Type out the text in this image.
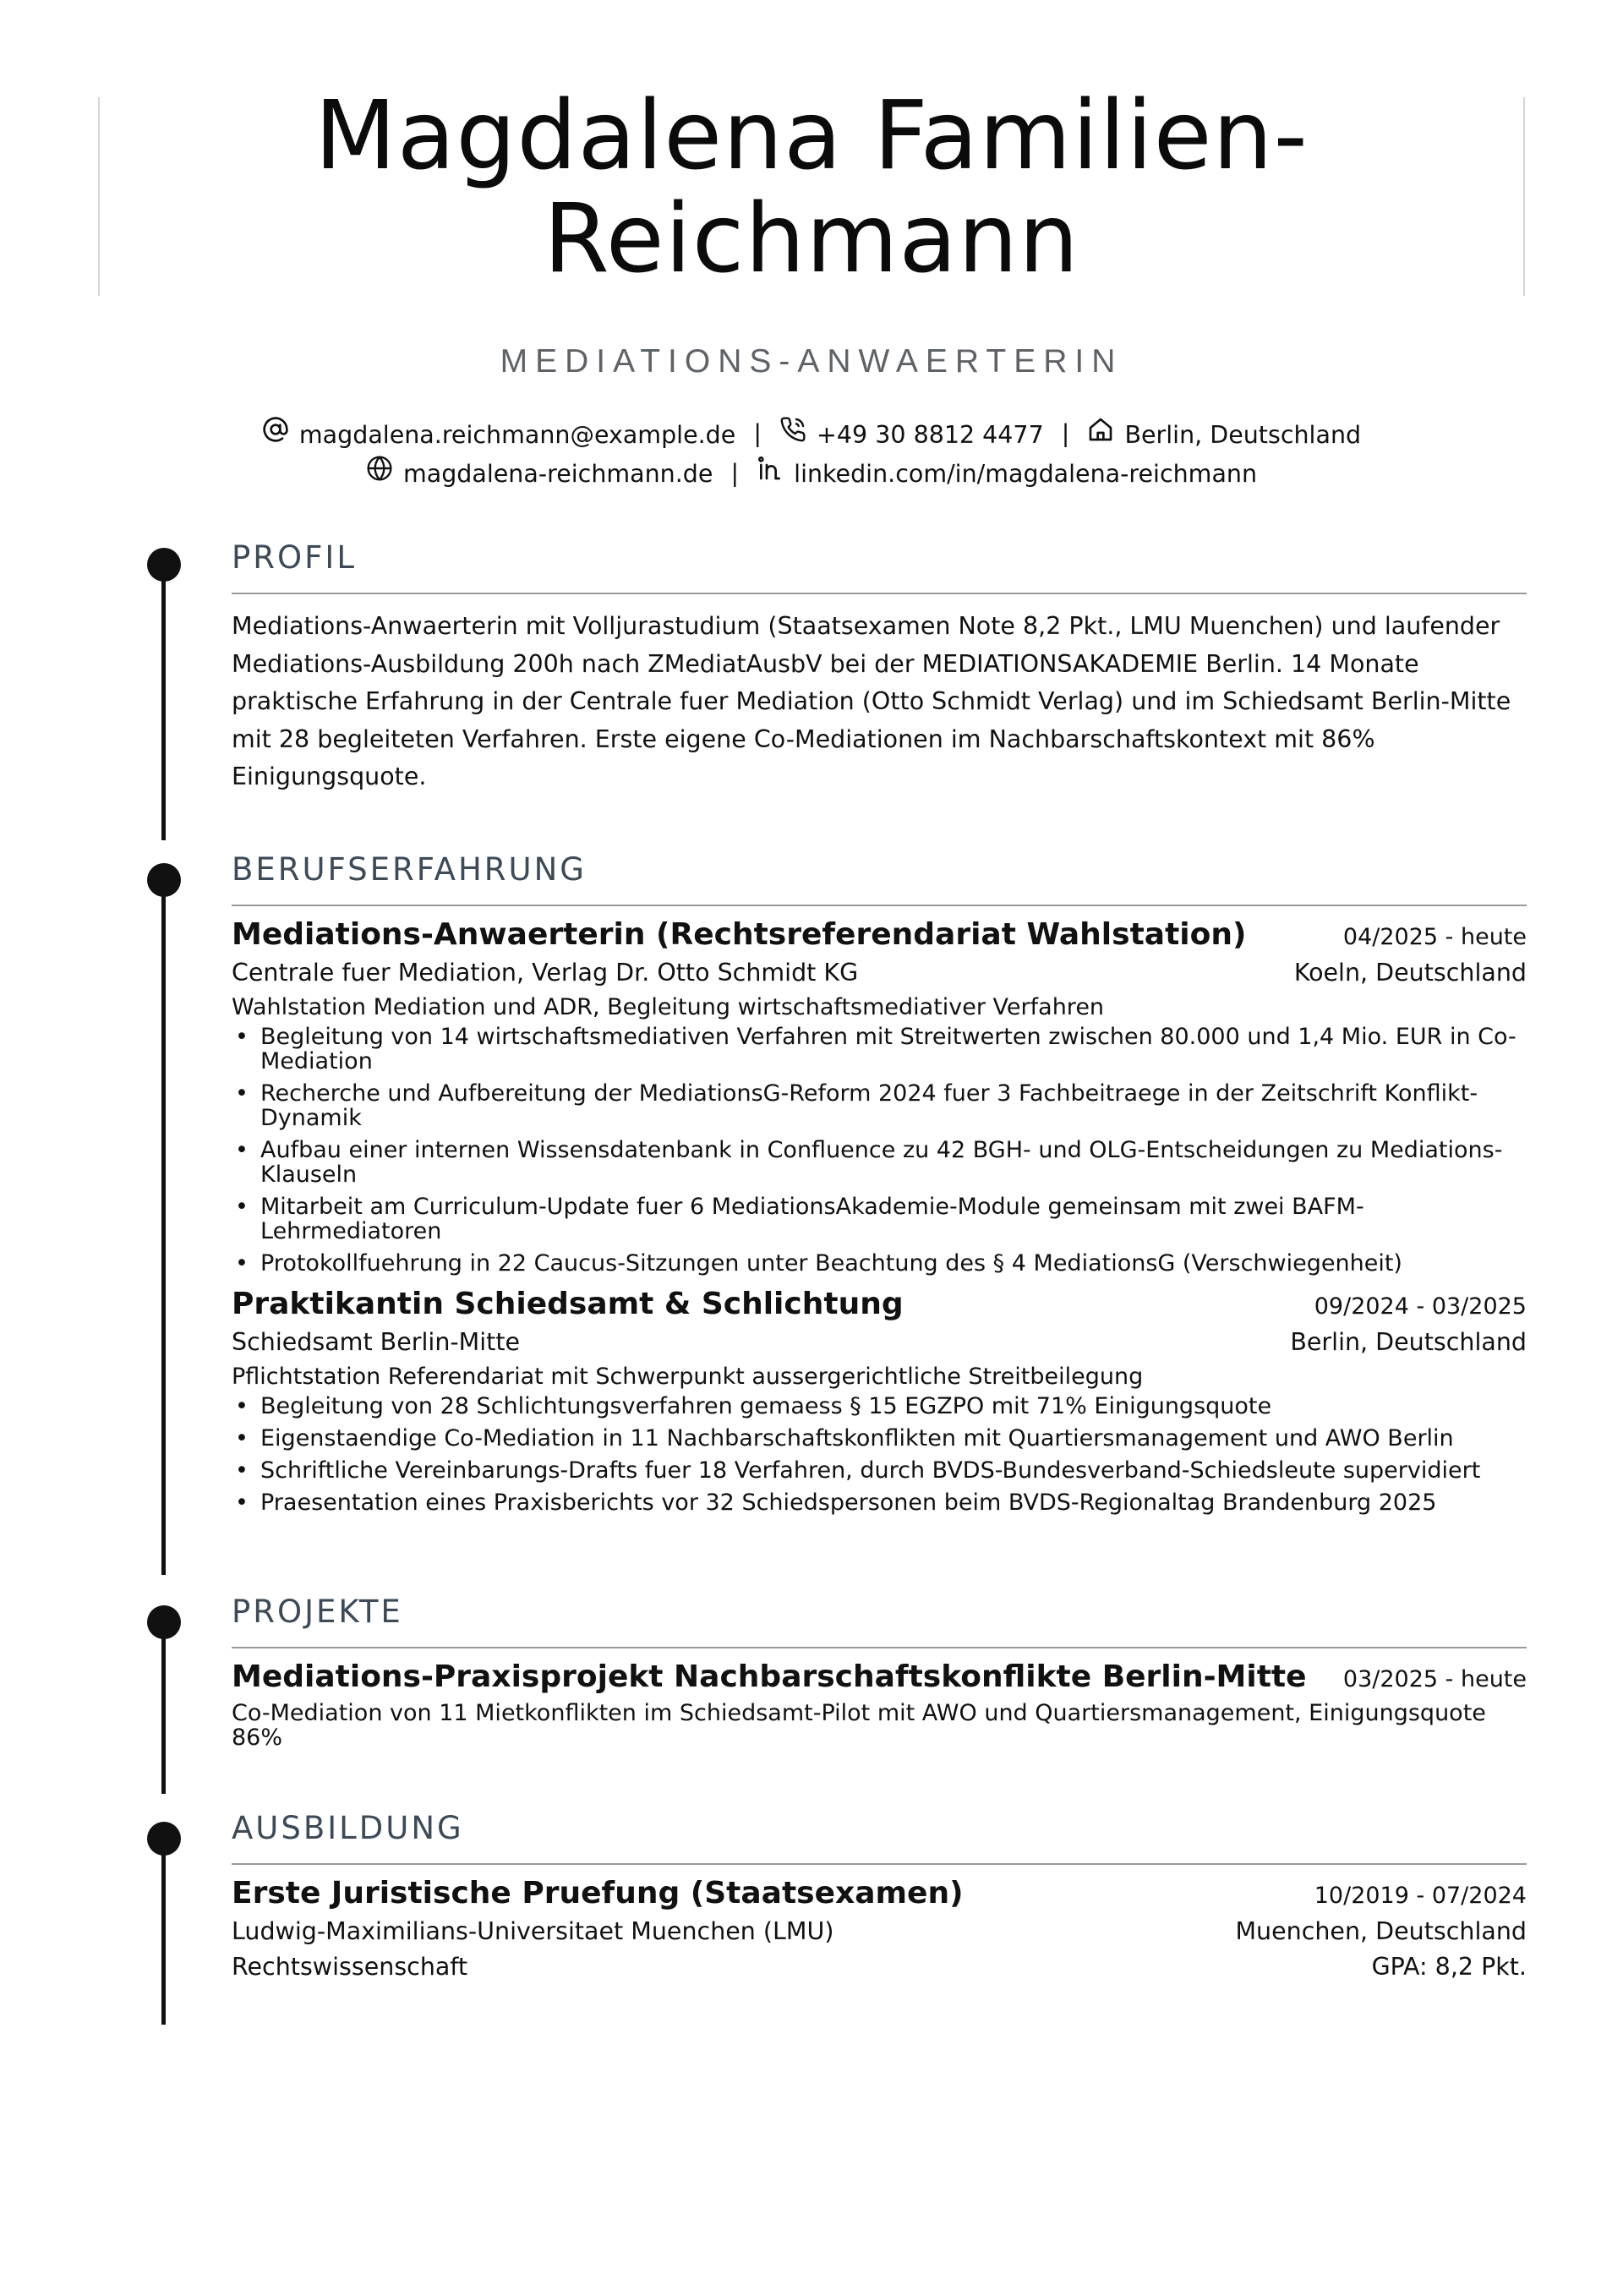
Magdalena Familien-
Reichmann
MEDIATIONS-ANWAERTERIN
magdalena.reichmann@example.de | +49 30 8812 4477 | Berlin, Deutschland
magdalena-reichmann.de | linkedin.com/in/magdalena-reichmann
PROFIL
Mediations-Anwaerterin mit Volljurastudium (Staatsexamen Note 8,2 Pkt., LMU Muenchen) und laufender Mediations-Ausbildung 200h nach ZMediatAusbV bei der MEDIATIONSAKADEMIE Berlin. 14 Monate praktische Erfahrung in der Centrale fuer Mediation (Otto Schmidt Verlag) und im Schiedsamt Berlin-Mitte mit 28 begleiteten Verfahren. Erste eigene Co-Mediationen im Nachbarschaftskontext mit 86% Einigungsquote.
BERUFSERFAHRUNG
Mediations-Anwaerterin (Rechtsreferendariat Wahlstation)	04/2025 - heute
Centrale fuer Mediation, Verlag Dr. Otto Schmidt KG	Koeln, Deutschland
Wahlstation Mediation und ADR, Begleitung wirtschaftsmediativer Verfahren
• Begleitung von 14 wirtschaftsmediativen Verfahren mit Streitwerten zwischen 80.000 und 1,4 Mio. EUR in Co-Mediation
• Recherche und Aufbereitung der MediationsG-Reform 2024 fuer 3 Fachbeitraege in der Zeitschrift Konflikt-Dynamik
• Aufbau einer internen Wissensdatenbank in Confluence zu 42 BGH- und OLG-Entscheidungen zu Mediations-Klauseln
• Mitarbeit am Curriculum-Update fuer 6 MediationsAkademie-Module gemeinsam mit zwei BAFM-Lehrmediatoren
• Protokollfuehrung in 22 Caucus-Sitzungen unter Beachtung des § 4 MediationsG (Verschwiegenheit)
Praktikantin Schiedsamt & Schlichtung	09/2024 - 03/2025
Schiedsamt Berlin-Mitte	Berlin, Deutschland
Pflichtstation Referendariat mit Schwerpunkt aussergerichtliche Streitbeilegung
• Begleitung von 28 Schlichtungsverfahren gemaess § 15 EGZPO mit 71% Einigungsquote
• Eigenstaendige Co-Mediation in 11 Nachbarschaftskonflikten mit Quartiersmanagement und AWO Berlin
• Schriftliche Vereinbarungs-Drafts fuer 18 Verfahren, durch BVDS-Bundesverband-Schiedsleute supervidiert
• Praesentation eines Praxisberichts vor 32 Schiedspersonen beim BVDS-Regionaltag Brandenburg 2025
PROJEKTE
Mediations-Praxisprojekt Nachbarschaftskonflikte Berlin-Mitte 03/2025 - heute
Co-Mediation von 11 Mietkonflikten im Schiedsamt-Pilot mit AWO und Quartiersmanagement, Einigungsquote 86%
AUSBILDUNG
Erste Juristische Pruefung (Staatsexamen)	10/2019 - 07/2024
Ludwig-Maximilians-Universitaet Muenchen (LMU)	Muenchen, Deutschland
Rechtswissenschaft	GPA: 8,2 Pkt.
